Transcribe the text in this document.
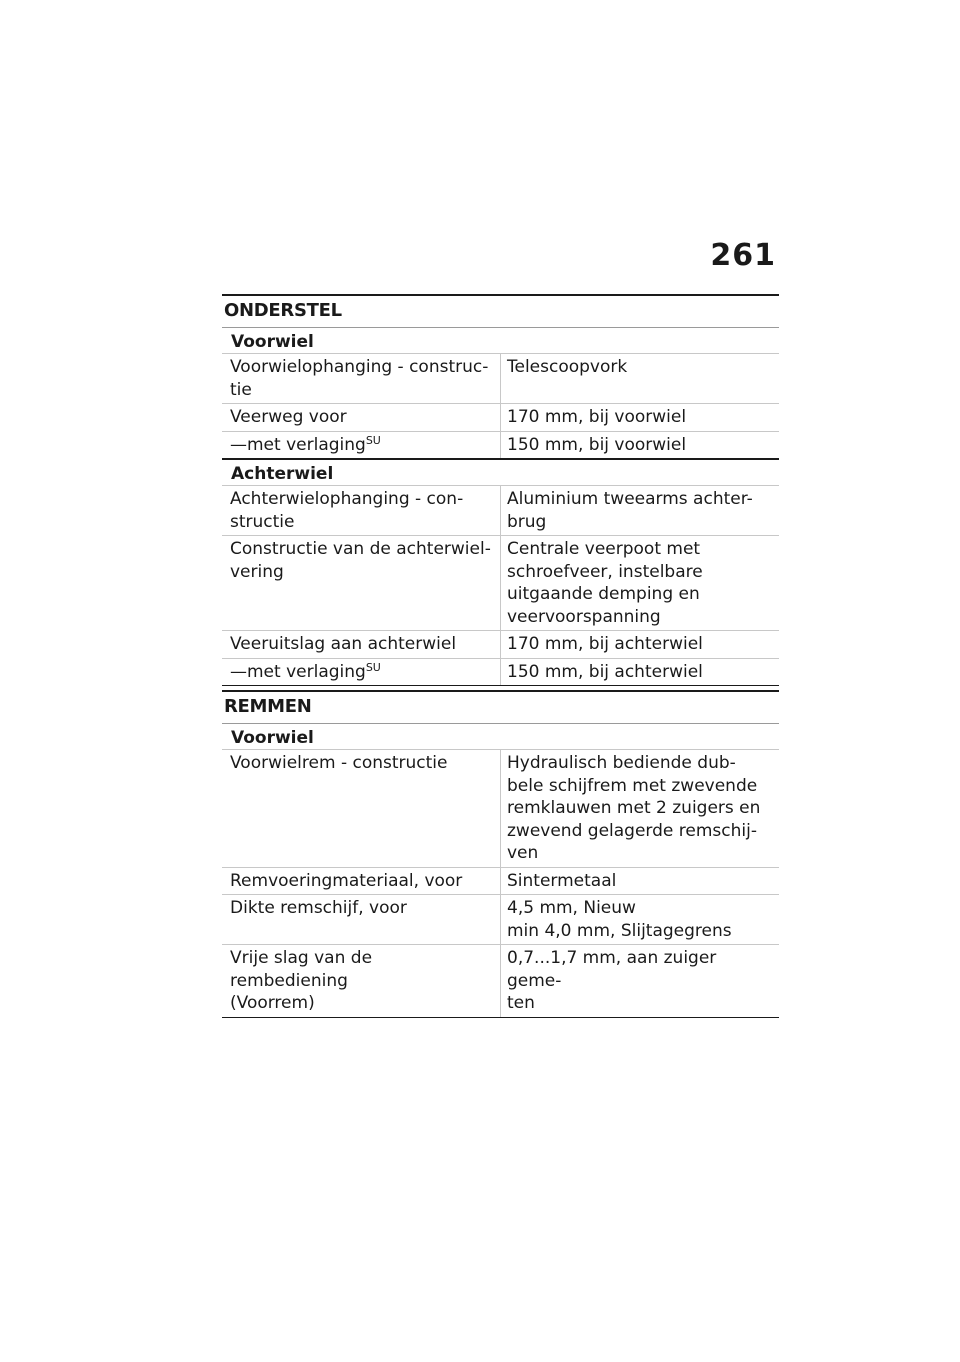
261
ONDERSTEL
Voorwiel
Voorwielophanging - construc-
tie	Telescoopvork

Veerweg voor	170 mm, bij voorwiel

—met verlaging$^{SU}$	150 mm, bij voorwiel
Achterwiel
Achterwielophanging - con-
structie	Aluminium tweearms achter-
brug

Constructie van de achterwiel-
vering	Centrale veerpoot met
schroefveer, instelbare
uitgaande demping en
veervoorspanning

Veeruitslag aan achterwiel	170 mm, bij achterwiel

—met verlaging$^{SU}$	150 mm, bij achterwiel
REMMEN
Voorwiel
Voorwielrem - constructie	Hydraulisch bediende dub-
bele schijfrem met zwevende
remklauwen met 2 zuigers en
zwevend gelagerde remschij-
ven

Remvoeringmateriaal, voor	Sintermetaal

Dikte remschijf, voor	4,5 mm, Nieuw
min 4,0 mm, Slijtagegrens

Vrije slag van de rembediening
(Voorrem)	0,7...1,7 mm, aan zuiger geme-
ten
